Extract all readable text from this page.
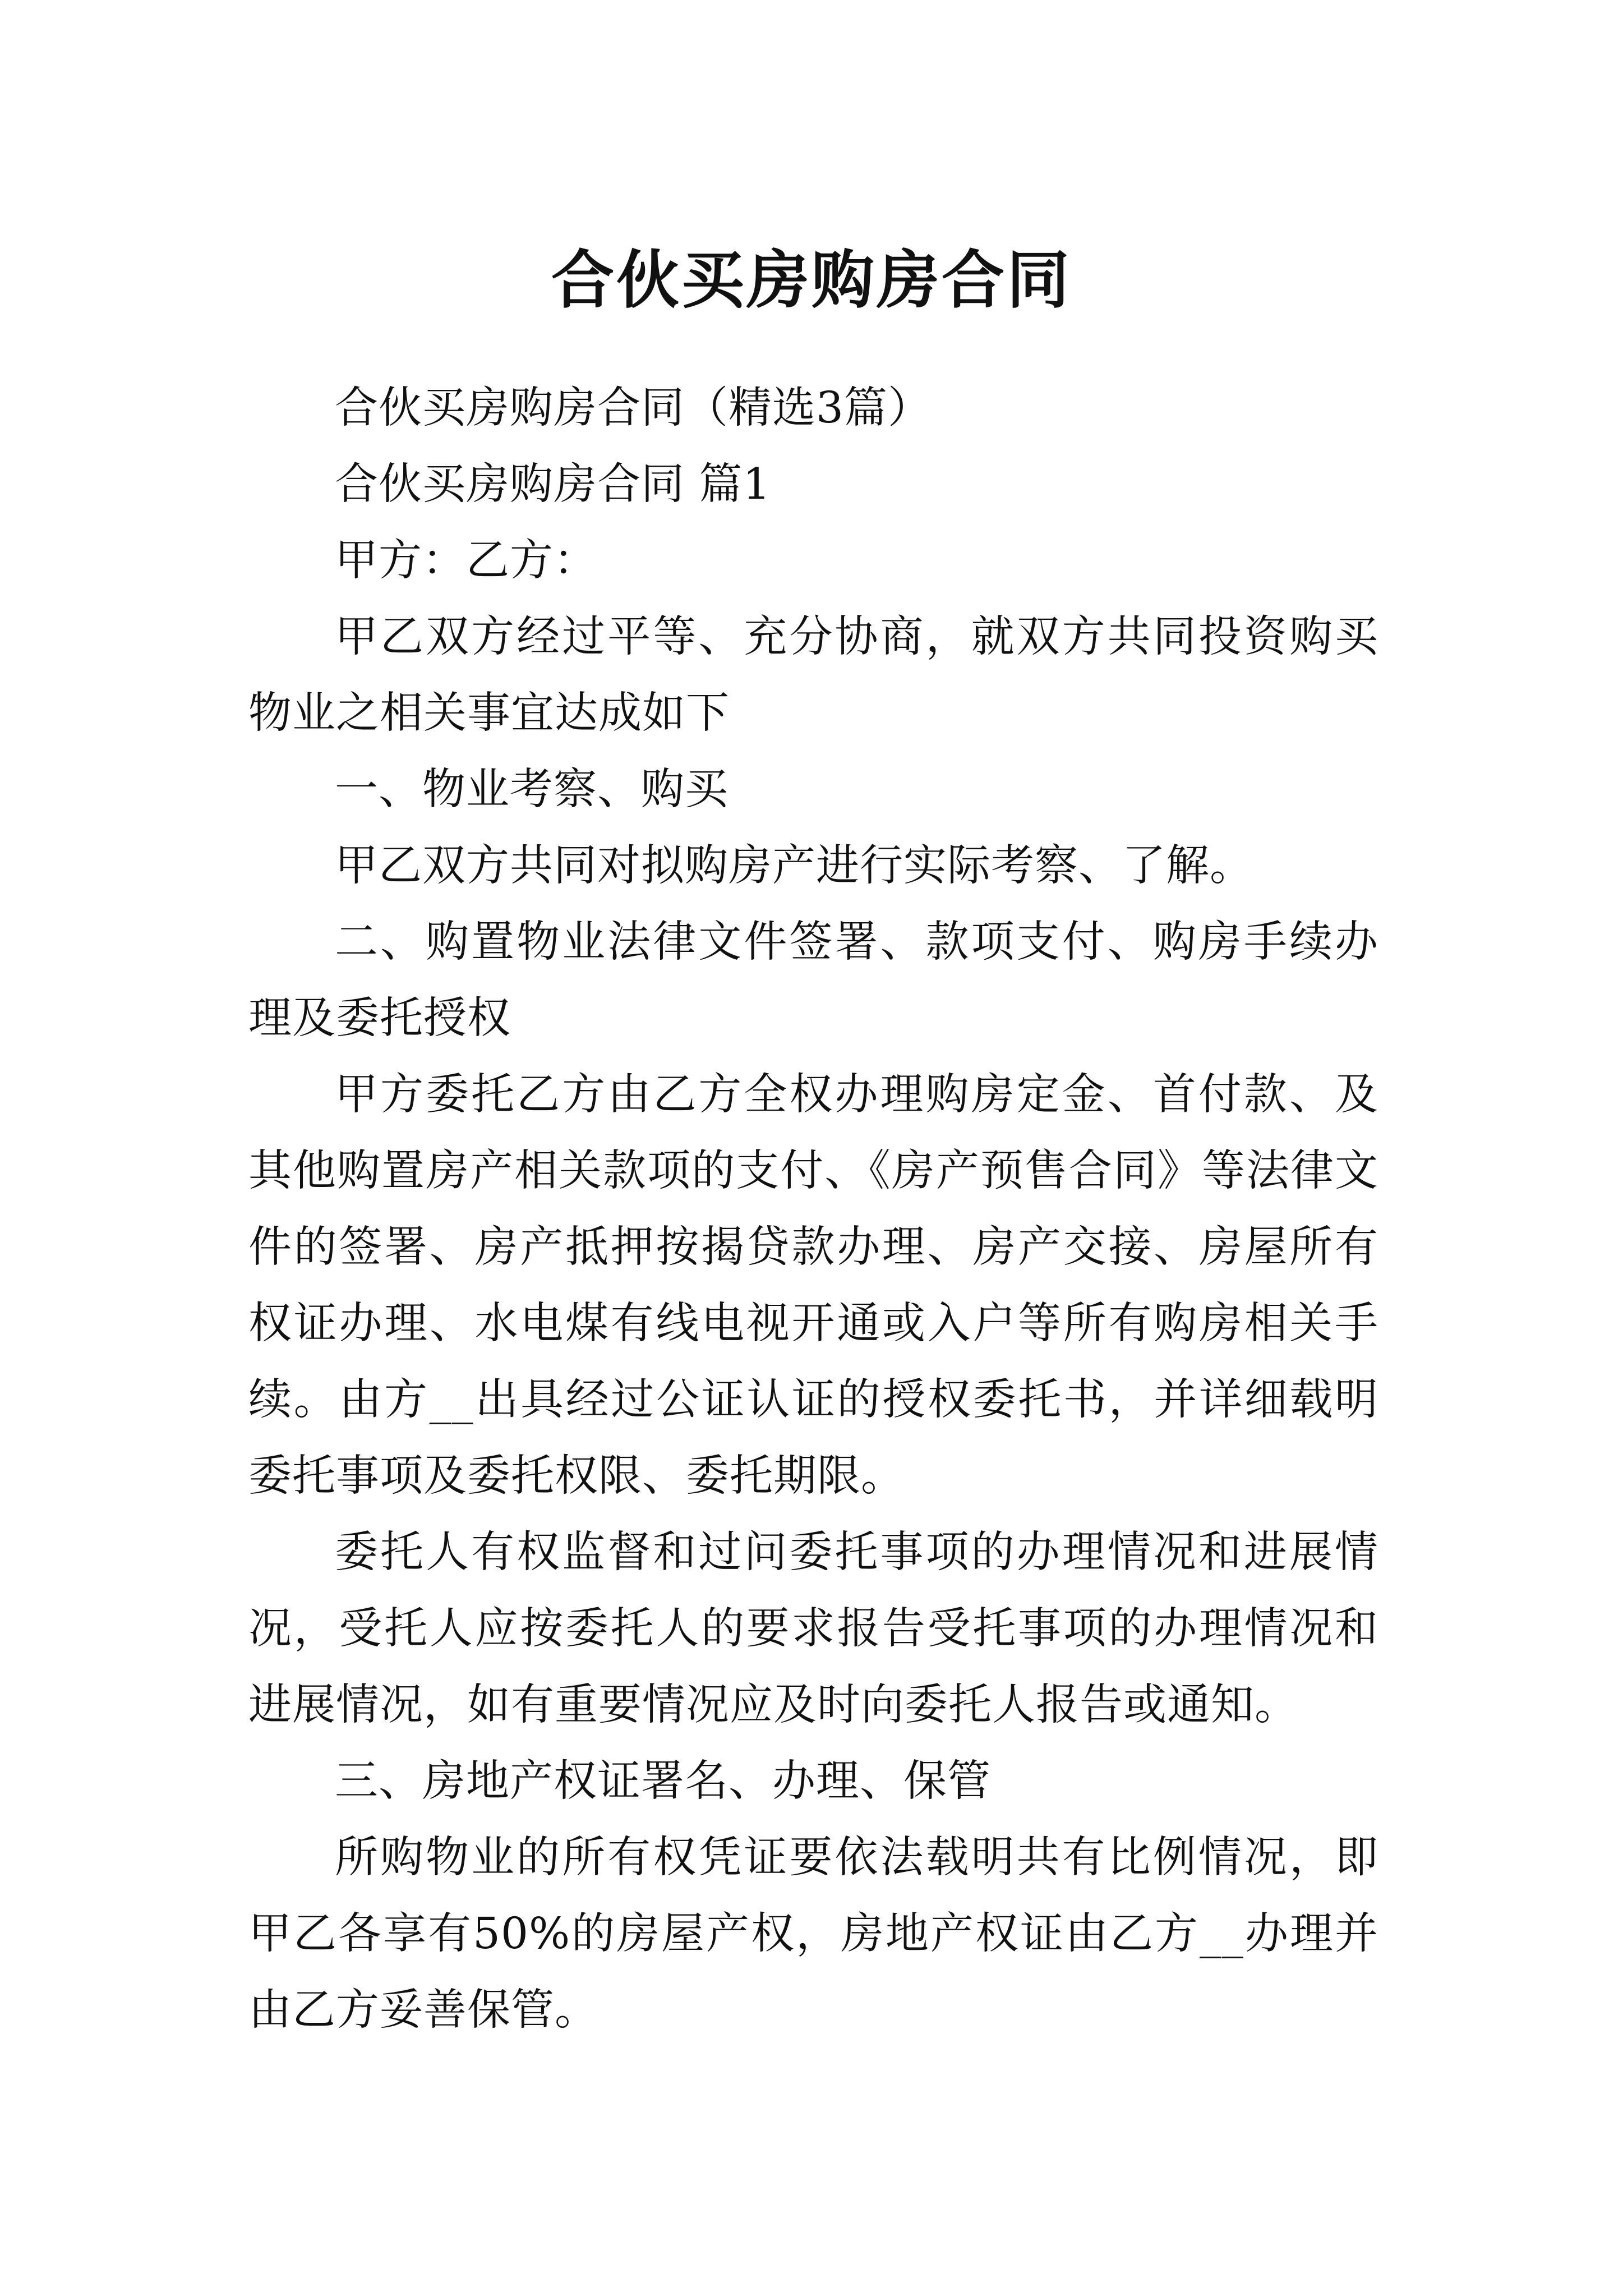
合伙买房购房合同

合伙买房购房合同（精选3篇）

合伙买房购房合同 篇1

甲方：乙方：

甲乙双方经过平等、充分协商，就双方共同投资购买物业之相关事宜达成如下

一、物业考察、购买

甲乙双方共同对拟购房产进行实际考察、了解。

二、购置物业法律文件签署、款项支付、购房手续办理及委托授权

甲方委托乙方由乙方全权办理购房定金、首付款、及其他购置房产相关款项的支付、《房产预售合同》等法律文件的签署、房产抵押按揭贷款办理、房产交接、房屋所有权证办理、水电煤有线电视开通或入户等所有购房相关手续。由方__出具经过公证认证的授权委托书，并详细载明委托事项及委托权限、委托期限。

委托人有权监督和过问委托事项的办理情况和进展情况，受托人应按委托人的要求报告受托事项的办理情况和进展情况，如有重要情况应及时向委托人报告或通知。

三、房地产权证署名、办理、保管

所购物业的所有权凭证要依法载明共有比例情况，即甲乙各享有50%的房屋产权，房地产权证由乙方__办理并由乙方妥善保管。
